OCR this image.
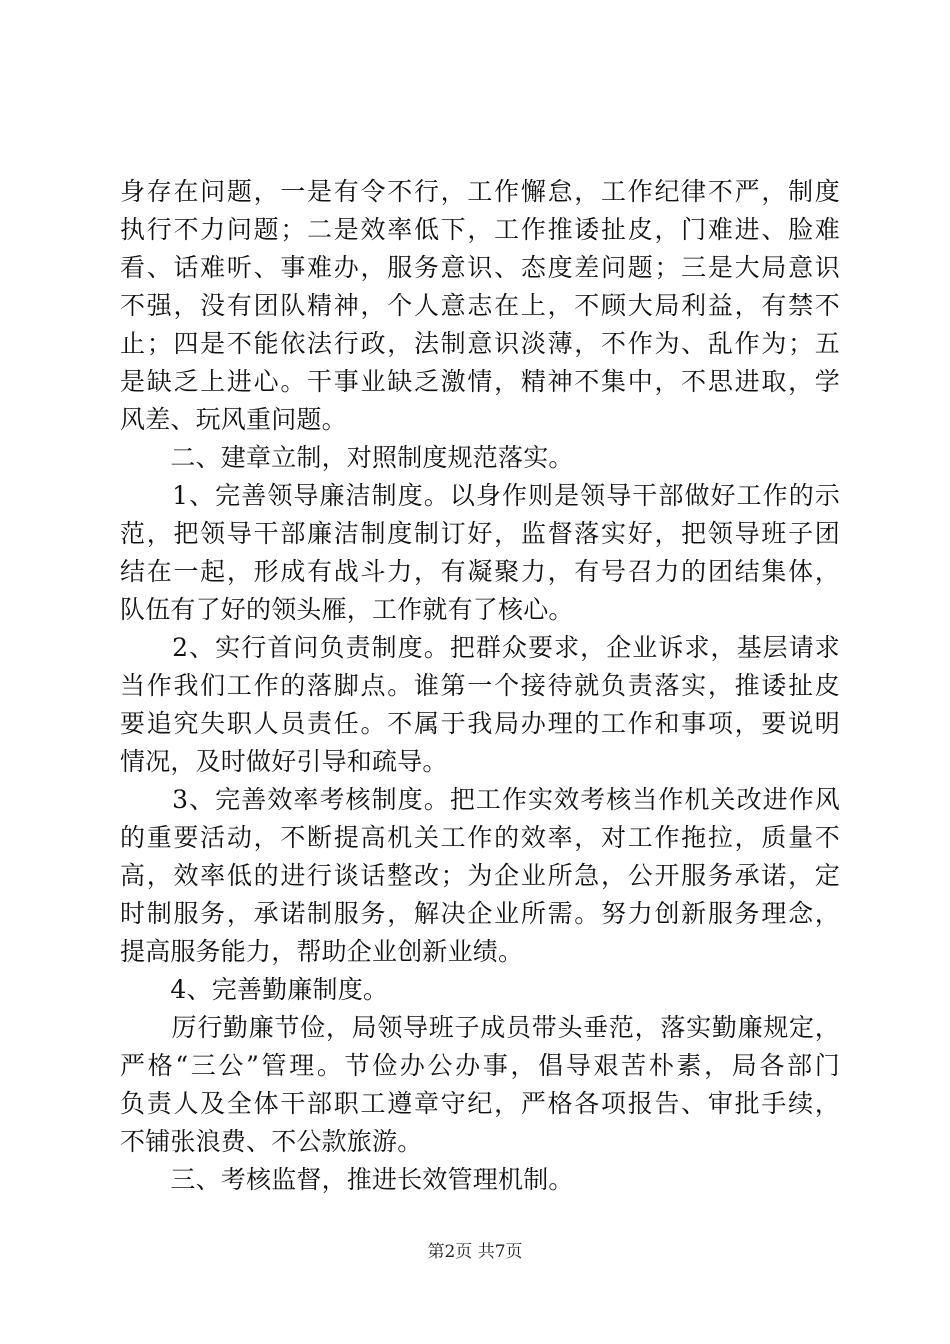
身存在问题，一是有令不行，工作懈怠，工作纪律不严，制度
执行不力问题；二是效率低下，工作推诿扯皮，门难进、脸难
看、话难听、事难办，服务意识、态度差问题；三是大局意识
不强，没有团队精神，个人意志在上，不顾大局利益，有禁不
止；四是不能依法行政，法制意识淡薄，不作为、乱作为；五
是缺乏上进心。干事业缺乏激情，精神不集中，不思进取，学
风差、玩风重问题。
　　二、建章立制，对照制度规范落实。
　　1、完善领导廉洁制度。以身作则是领导干部做好工作的示
范，把领导干部廉洁制度制订好，监督落实好，把领导班子团
结在一起，形成有战斗力，有凝聚力，有号召力的团结集体，
队伍有了好的领头雁，工作就有了核心。
　　2、实行首问负责制度。把群众要求，企业诉求，基层请求
当作我们工作的落脚点。谁第一个接待就负责落实，推诿扯皮
要追究失职人员责任。不属于我局办理的工作和事项，要说明
情况，及时做好引导和疏导。
　　3、完善效率考核制度。把工作实效考核当作机关改进作风
的重要活动，不断提高机关工作的效率，对工作拖拉，质量不
高，效率低的进行谈话整改；为企业所急，公开服务承诺，定
时制服务，承诺制服务，解决企业所需。努力创新服务理念，
提高服务能力，帮助企业创新业绩。
　　4、完善勤廉制度。
　　厉行勤廉节俭，局领导班子成员带头垂范，落实勤廉规定，
严格“三公”管理。节俭办公办事，倡导艰苦朴素，局各部门
负责人及全体干部职工遵章守纪，严格各项报告、审批手续，
不铺张浪费、不公款旅游。
　　三、考核监督，推进长效管理机制。
第2页 共7页
